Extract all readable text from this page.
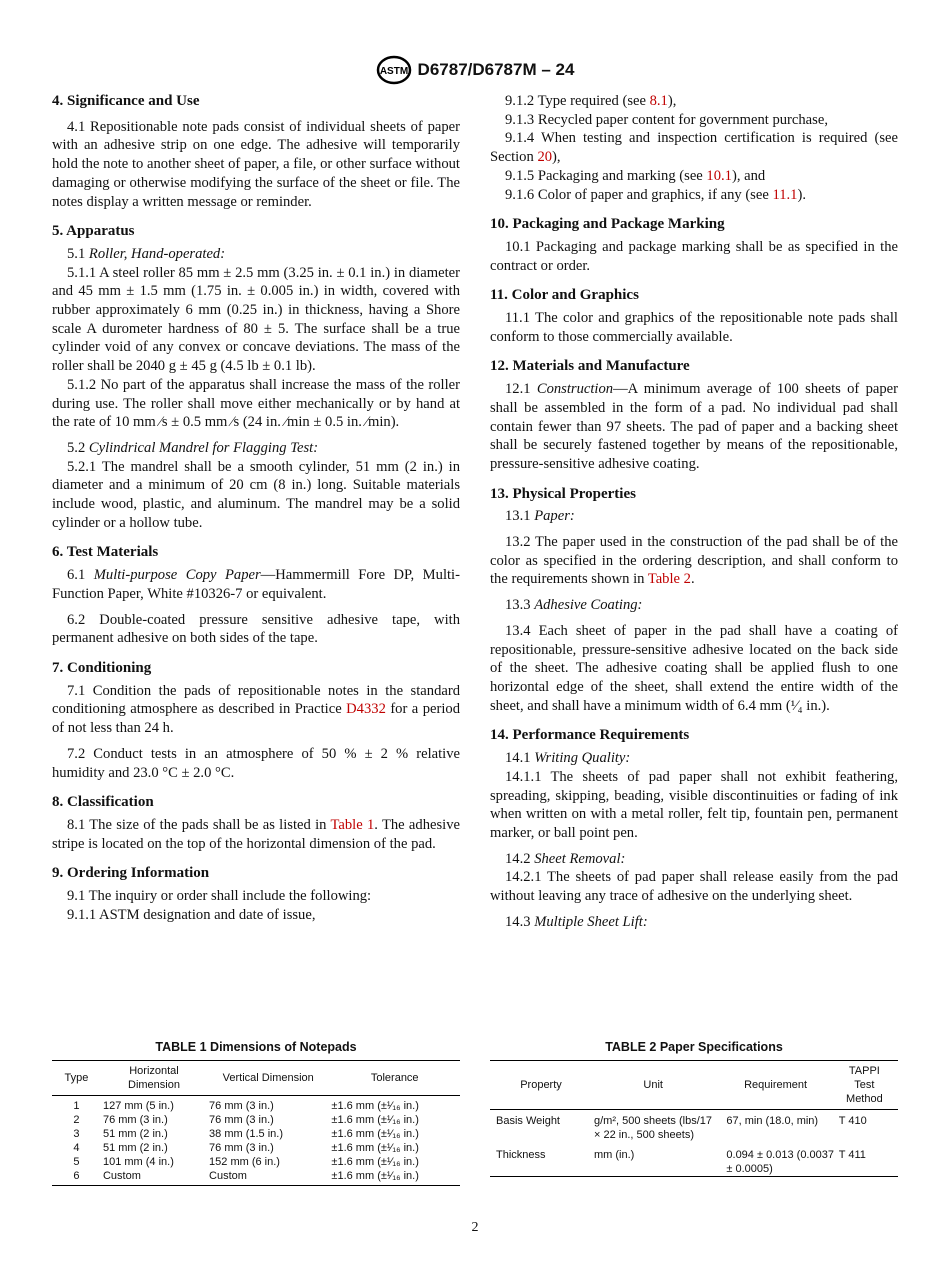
ASTM D6787/D6787M – 24

4. Significance and Use

4.1 Repositionable note pads consist of individual sheets of paper with an adhesive strip on one edge. The adhesive will temporarily hold the note to another sheet of paper, a file, or other surface without damaging or otherwise modifying the surface of the sheet or file. The notes display a written message or reminder.

5. Apparatus

5.1 Roller, Hand-operated:

5.1.1 A steel roller 85 mm ± 2.5 mm (3.25 in. ± 0.1 in.) in diameter and 45 mm ± 1.5 mm (1.75 in. ± 0.005 in.) in width, covered with rubber approximately 6 mm (0.25 in.) in thickness, having a Shore scale A durometer hardness of 80 ± 5. The surface shall be a true cylinder void of any convex or concave deviations. The mass of the roller shall be 2040 g ± 45 g (4.5 lb ± 0.1 lb).

5.1.2 No part of the apparatus shall increase the mass of the roller during use. The roller shall move either mechanically or by hand at the rate of 10 mm ⁄s ± 0.5 mm ⁄s (24 in. ⁄min ± 0.5 in. ⁄min).

5.2 Cylindrical Mandrel for Flagging Test:

5.2.1 The mandrel shall be a smooth cylinder, 51 mm (2 in.) in diameter and a minimum of 20 cm (8 in.) long. Suitable materials include wood, plastic, and aluminum. The mandrel may be a solid cylinder or a hollow tube.

6. Test Materials

6.1 Multi-purpose Copy Paper—Hammermill Fore DP, Multi-Function Paper, White #10326-7 or equivalent.

6.2 Double-coated pressure sensitive adhesive tape, with permanent adhesive on both sides of the tape.

7. Conditioning

7.1 Condition the pads of repositionable notes in the standard conditioning atmosphere as described in Practice D4332 for a period of not less than 24 h.

7.2 Conduct tests in an atmosphere of 50 % ± 2 % relative humidity and 23.0 °C ± 2.0 °C.

8. Classification

8.1 The size of the pads shall be as listed in Table 1. The adhesive stripe is located on the top of the horizontal dimension of the pad.

9. Ordering Information

9.1 The inquiry or order shall include the following:

9.1.1 ASTM designation and date of issue,

9.1.2 Type required (see 8.1),

9.1.3 Recycled paper content for government purchase,

9.1.4 When testing and inspection certification is required (see Section 20),

9.1.5 Packaging and marking (see 10.1), and

9.1.6 Color of paper and graphics, if any (see 11.1).

10. Packaging and Package Marking

10.1 Packaging and package marking shall be as specified in the contract or order.

11. Color and Graphics

11.1 The color and graphics of the repositionable note pads shall conform to those commercially available.

12. Materials and Manufacture

12.1 Construction—A minimum average of 100 sheets of paper shall be assembled in the form of a pad. No individual pad shall contain fewer than 97 sheets. The pad of paper and a backing sheet shall be securely fastened together by means of the repositionable, pressure-sensitive adhesive coating.

13. Physical Properties

13.1 Paper:

13.2 The paper used in the construction of the pad shall be of the color as specified in the ordering description, and shall conform to the requirements shown in Table 2.

13.3 Adhesive Coating:

13.4 Each sheet of paper in the pad shall have a coating of repositionable, pressure-sensitive adhesive located on the back side of the sheet. The adhesive coating shall be applied flush to one horizontal edge of the sheet, shall extend the entire width of the sheet, and shall have a minimum width of 6.4 mm (¹⁄₄ in.).

14. Performance Requirements

14.1 Writing Quality:

14.1.1 The sheets of pad paper shall not exhibit feathering, spreading, skipping, beading, visible discontinuities or fading of ink when written on with a metal roller, felt tip, fountain pen, permanent marker, or ball point pen.

14.2 Sheet Removal:

14.2.1 The sheets of pad paper shall release easily from the pad without leaving any trace of adhesive on the underlying sheet.

14.3 Multiple Sheet Lift:

TABLE 1 Dimensions of Notepads
Type	Horizontal Dimension	Vertical Dimension	Tolerance

1	127 mm (5 in.)	76 mm (3 in.)	±1.6 mm (±¹⁄₁₆ in.)
2	76 mm (3 in.)	76 mm (3 in.)	±1.6 mm (±¹⁄₁₆ in.)
3	51 mm (2 in.)	38 mm (1.5 in.)	±1.6 mm (±¹⁄₁₆ in.)
4	51 mm (2 in.)	76 mm (3 in.)	±1.6 mm (±¹⁄₁₆ in.)
5	101 mm (4 in.)	152 mm (6 in.)	±1.6 mm (±¹⁄₁₆ in.)
6	Custom	Custom	±1.6 mm (±¹⁄₁₆ in.)
TABLE 2 Paper Specifications
Property	Unit	Requirement	TAPPI Test Method

Basis Weight	g/m², 500 sheets (lbs/17 × 22 in., 500 sheets)	67, min (18.0, min)	T 410

Thickness	mm (in.)	0.094 ± 0.013 (0.0037 ± 0.0005)	T 411
2
